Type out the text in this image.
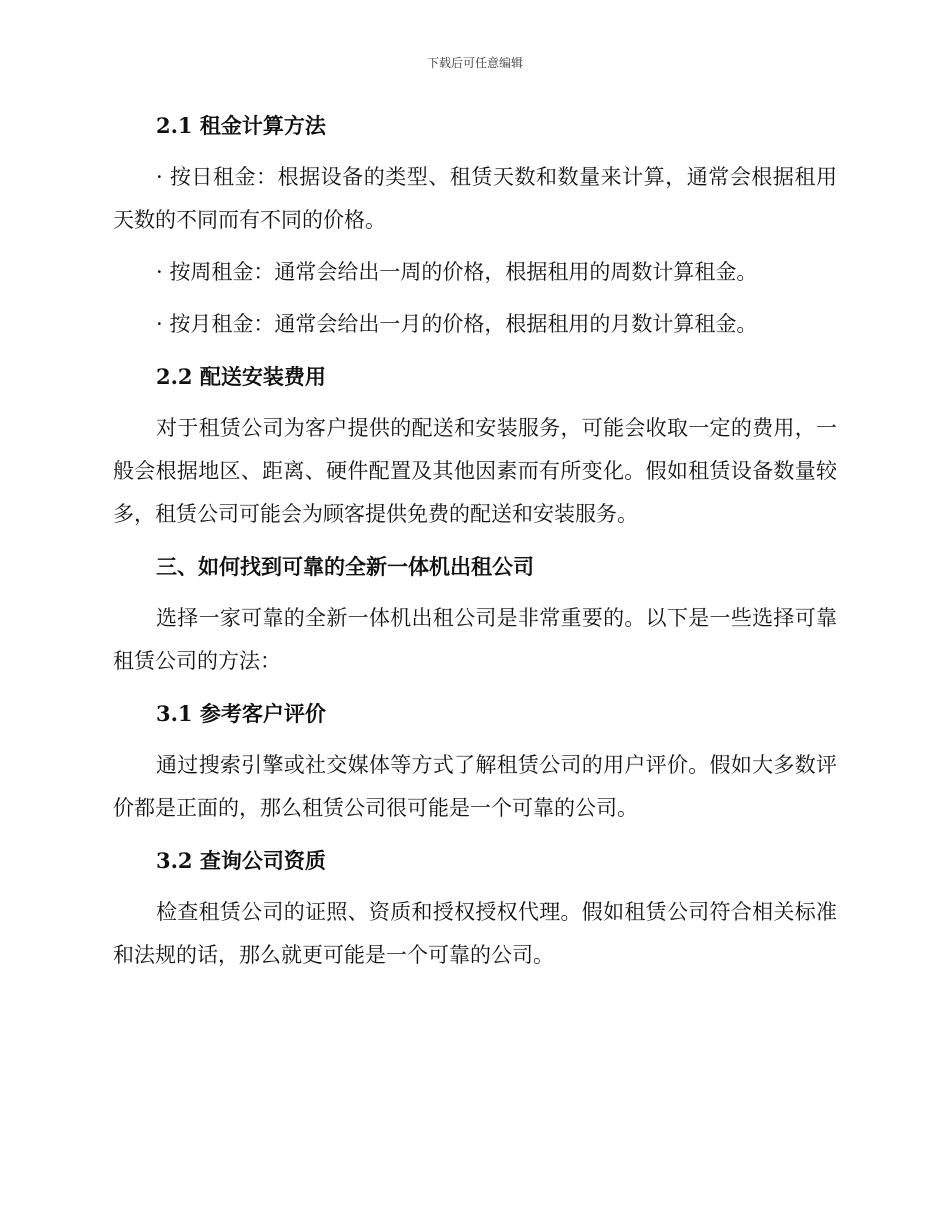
下载后可任意编辑

2.1 租金计算方法

· 按日租金：根据设备的类型、租赁天数和数量来计算，通常会根据租用天数的不同而有不同的价格。

· 按周租金：通常会给出一周的价格，根据租用的周数计算租金。

· 按月租金：通常会给出一月的价格，根据租用的月数计算租金。

2.2 配送安装费用

对于租赁公司为客户提供的配送和安装服务，可能会收取一定的费用，一般会根据地区、距离、硬件配置及其他因素而有所变化。假如租赁设备数量较多，租赁公司可能会为顾客提供免费的配送和安装服务。

三、如何找到可靠的全新一体机出租公司

选择一家可靠的全新一体机出租公司是非常重要的。以下是一些选择可靠租赁公司的方法：

3.1 参考客户评价

通过搜索引擎或社交媒体等方式了解租赁公司的用户评价。假如大多数评价都是正面的，那么租赁公司很可能是一个可靠的公司。

3.2 查询公司资质

检查租赁公司的证照、资质和授权授权代理。假如租赁公司符合相关标准和法规的话，那么就更可能是一个可靠的公司。
